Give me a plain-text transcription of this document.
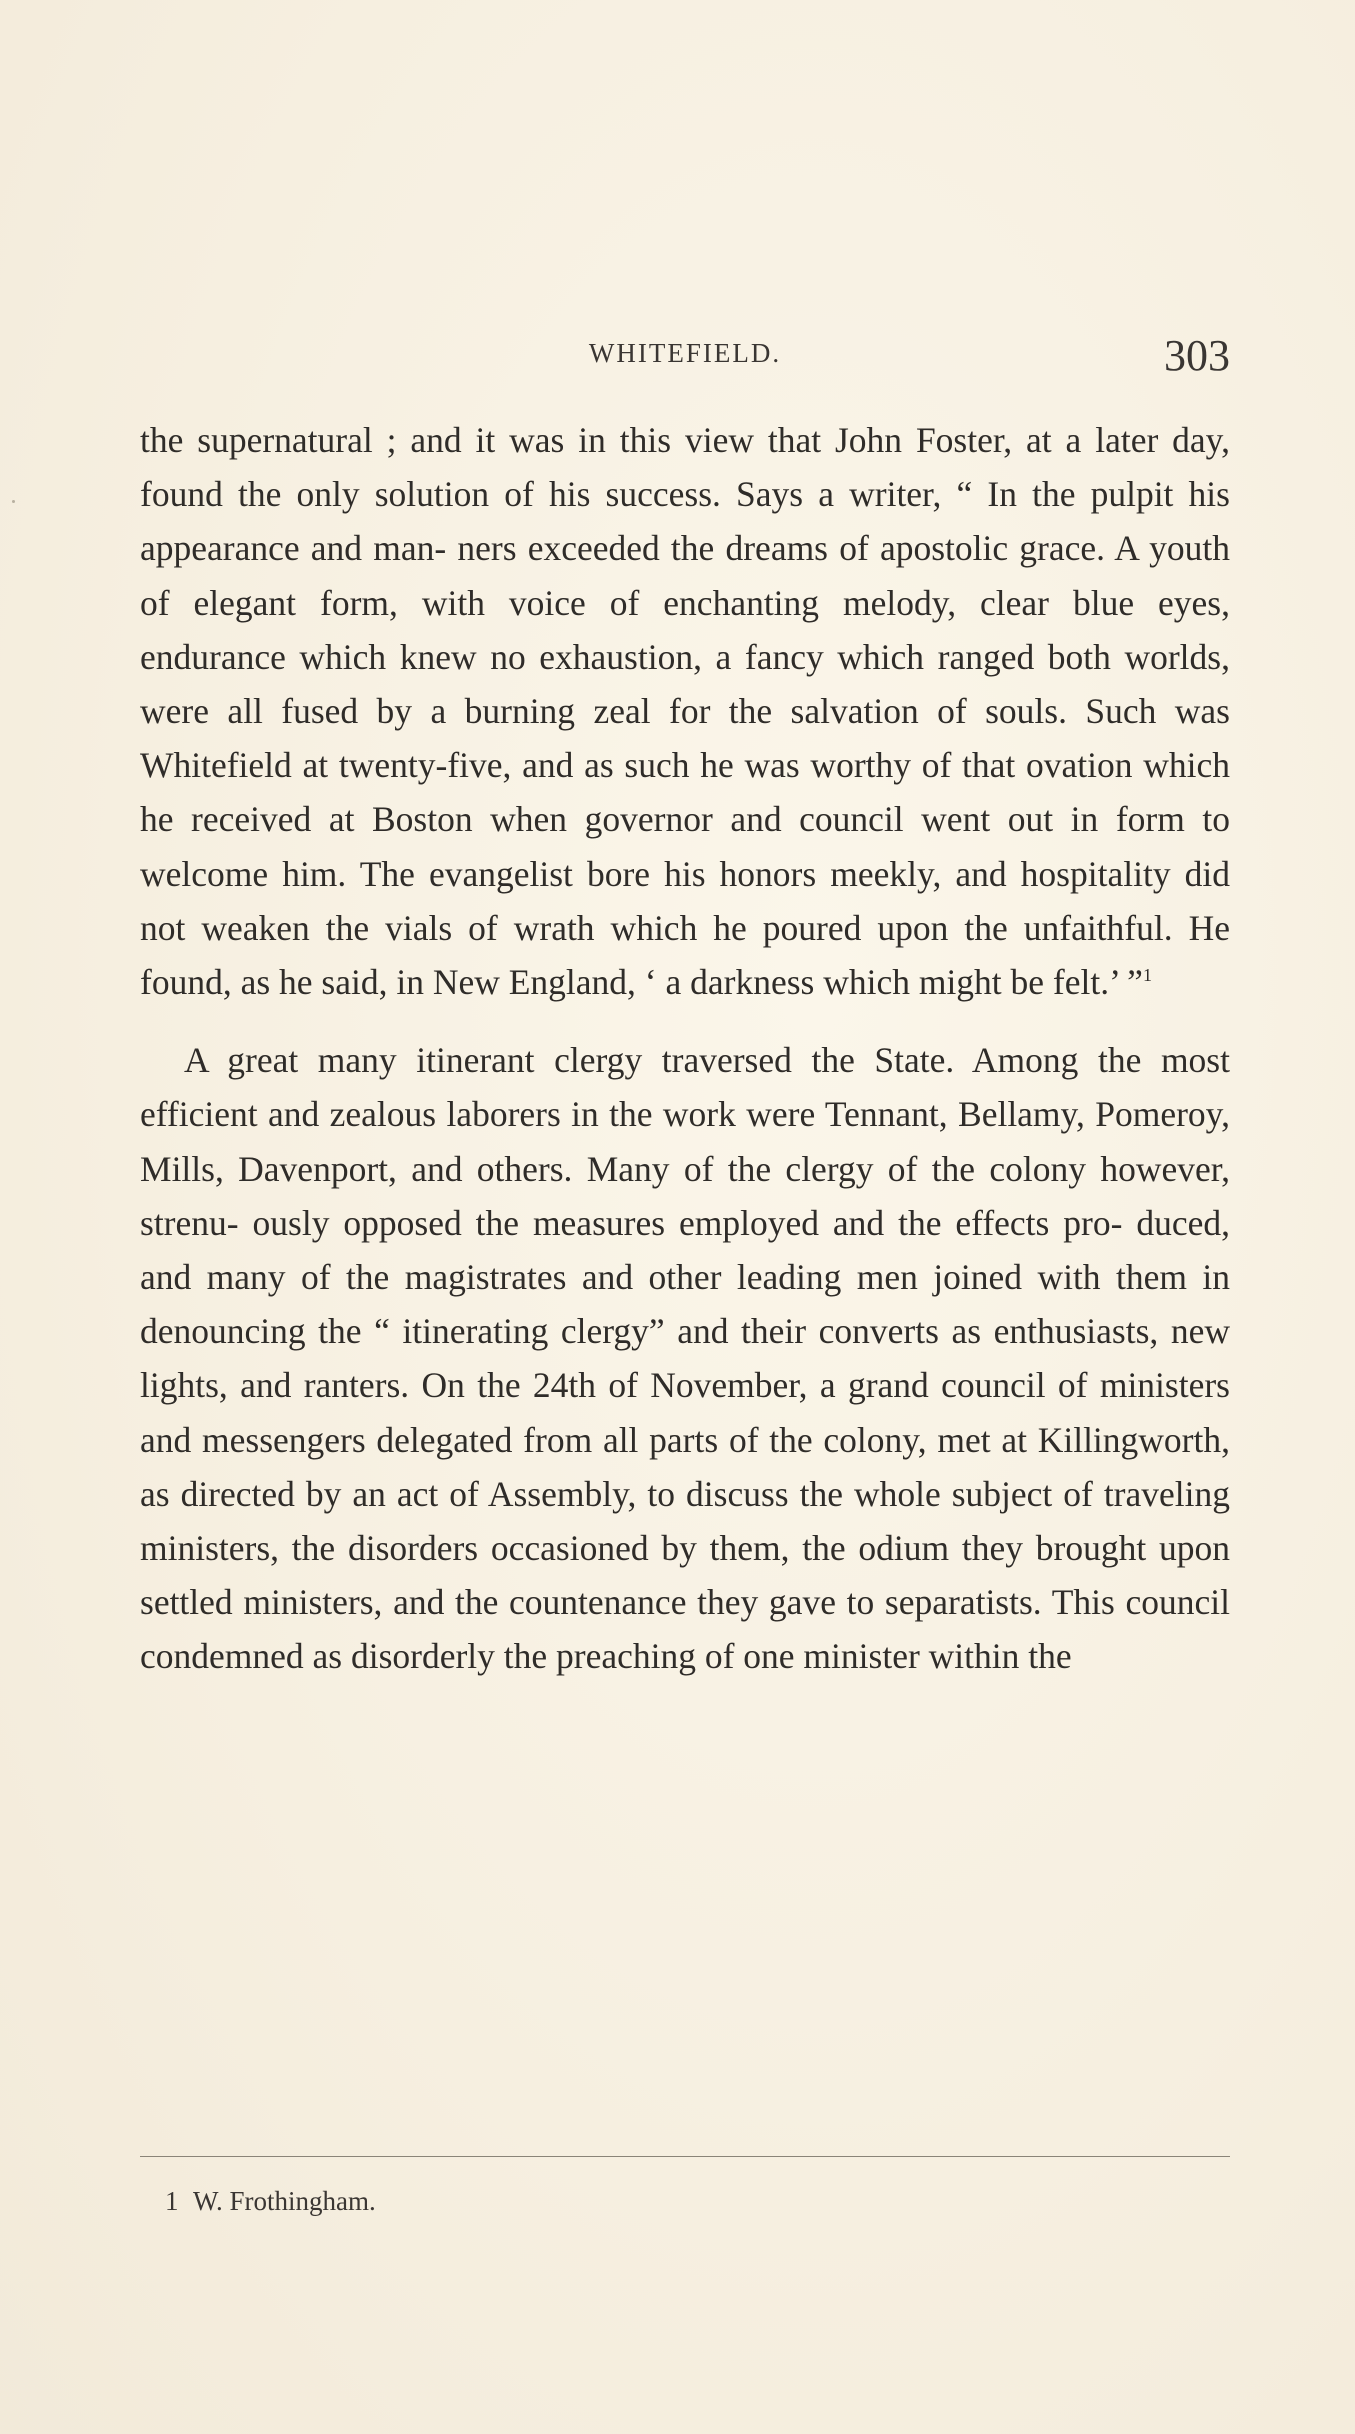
WHITEFIELD.	303

the supernatural ; and it was in this view that John Foster, at a later day, found the only solution of his success. Says a writer, “ In the pulpit his appearance and man- ners exceeded the dreams of apostolic grace. A youth of elegant form, with voice of enchanting melody, clear blue eyes, endurance which knew no exhaustion, a fancy which ranged both worlds, were all fused by a burning zeal for the salvation of souls. Such was Whitefield at twenty-five, and as such he was worthy of that ovation which he received at Boston when governor and council went out in form to welcome him. The evangelist bore his honors meekly, and hospitality did not weaken the vials of wrath which he poured upon the unfaithful. He found, as he said, in New England, ‘ a darkness which might be felt.’ ”$^1$

A great many itinerant clergy traversed the State. Among the most efficient and zealous laborers in the work were Tennant, Bellamy, Pomeroy, Mills, Davenport, and others. Many of the clergy of the colony however, strenu- ously opposed the measures employed and the effects pro- duced, and many of the magistrates and other leading men joined with them in denouncing the “ itinerating clergy” and their converts as enthusiasts, new lights, and ranters. On the 24th of November, a grand council of ministers and messengers delegated from all parts of the colony, met at Killingworth, as directed by an act of Assembly, to discuss the whole subject of traveling ministers, the disorders occasioned by them, the odium they brought upon settled ministers, and the countenance they gave to separatists. This council condemned as disorderly the preaching of one minister within the

1 W. Frothingham.
